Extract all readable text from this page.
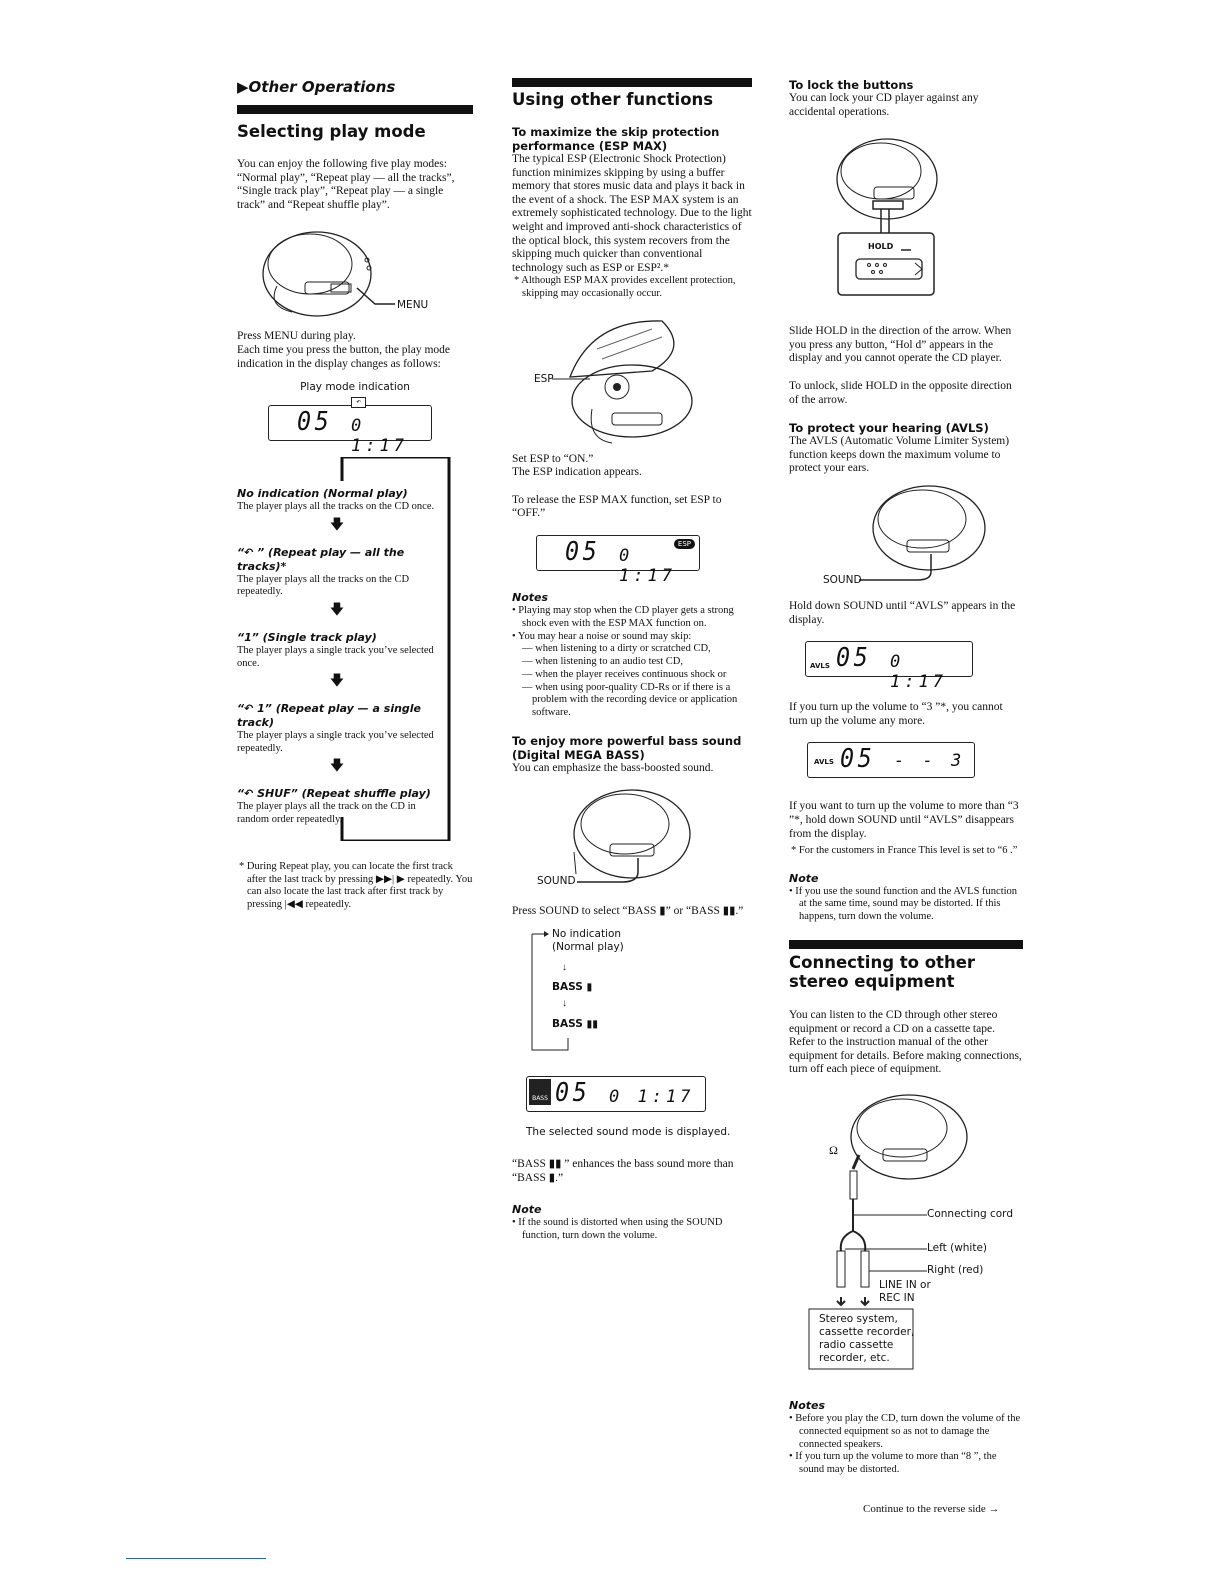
▶Other Operations
Selecting play mode

You can enjoy the following five play modes: “Normal play”, “Repeat play — all the tracks”, “Single track play”, “Repeat play — a single track” and “Repeat shuffle play”.

MENU

Press MENU during play.

Each time you press the button, the play mode indication in the display changes as follows:

Play mode indication
05 0 1:17
↶
No indication (Normal play)

The player plays all the tracks on the CD once.

🡇
“↶ ” (Repeat play — all the tracks)*

The player plays all the tracks on the CD repeatedly.

🡇
“1” (Single track play)

The player plays a single track you’ve selected once.

🡇
“↶ 1” (Repeat play — a single track)

The player plays a single track you’ve selected repeatedly.

🡇
“↶ SHUF” (Repeat shuffle play)

The player plays all the track on the CD in random order repeatedly.

* During Repeat play, you can locate the first track after the last track by pressing ▶▶| ▶ repeatedly. You can also locate the last track after first track by pressing |◀◀ repeatedly.

Using other functions
To maximize the skip protection performance (ESP MAX)

The typical ESP (Electronic Shock Protection) function minimizes skipping by using a buffer memory that stores music data and plays it back in the event of a shock. The ESP MAX system is an extremely sophisticated technology. Due to the light weight and improved anti-shock characteristics of the optical block, this system recovers from the skipping much quicker than conventional technology such as ESP or ESP².*

* Although ESP MAX provides excellent protection, skipping may occasionally occur.

ESP

Set ESP to “ON.”

The ESP indication appears.

To release the ESP MAX function, set ESP to “OFF.”

05 0 1:17
ESP
Notes
• Playing may stop when the CD player gets a strong shock even with the ESP MAX function on.
• You may hear a noise or sound may skip:
— when listening to a dirty or scratched CD,
— when listening to an audio test CD,
— when the player receives continuous shock or
— when using poor-quality CD-Rs or if there is a problem with the recording device or application software.
To enjoy more powerful bass sound (Digital MEGA BASS)

You can emphasize the bass-boosted sound.

SOUND

Press SOUND to select “BASS ▮” or “BASS ▮▮.”

No indication
(Normal play)
↓
BASS ▮
↓
BASS ▮▮
BASS 05 0 1:17
The selected sound mode is displayed.

“BASS ▮▮ ” enhances the bass sound more than “BASS ▮.”

Note
• If the sound is distorted when using the SOUND function, turn down the volume.
To lock the buttons

You can lock your CD player against any accidental operations.

HOLD

Slide HOLD in the direction of the arrow. When you press any button, “Hol d” appears in the display and you cannot operate the CD player.

To unlock, slide HOLD in the opposite direction of the arrow.

To protect your hearing (AVLS)

The AVLS (Automatic Volume Limiter System) function keeps down the maximum volume to protect your ears.

SOUND

Hold down SOUND until “AVLS” appears in the display.

AVLS 05 0 1:17

If you turn up the volume to “3 ”*, you cannot turn up the volume any more.

AVLS 05 - - 3

If you want to turn up the volume to more than “3 ”*, hold down SOUND until “AVLS” disappears from the display.

* For the customers in France This level is set to “6 .”

Note
• If you use the sound function and the AVLS function at the same time, sound may be distorted. If this happens, turn down the volume.
Connecting to other stereo equipment

You can listen to the CD through other stereo equipment or record a CD on a cassette tape. Refer to the instruction manual of the other equipment for details. Before making connections, turn off each piece of equipment.

Ω
Connecting cord
Left (white)
Right (red)
LINE IN or
REC IN
Stereo system,
cassette recorder,
radio cassette
recorder, etc.
Notes
• Before you play the CD, turn down the volume of the connected equipment so as not to damage the connected speakers.
• If you turn up the volume to more than “8 ”, the sound may be distorted.

Continue to the reverse side →
